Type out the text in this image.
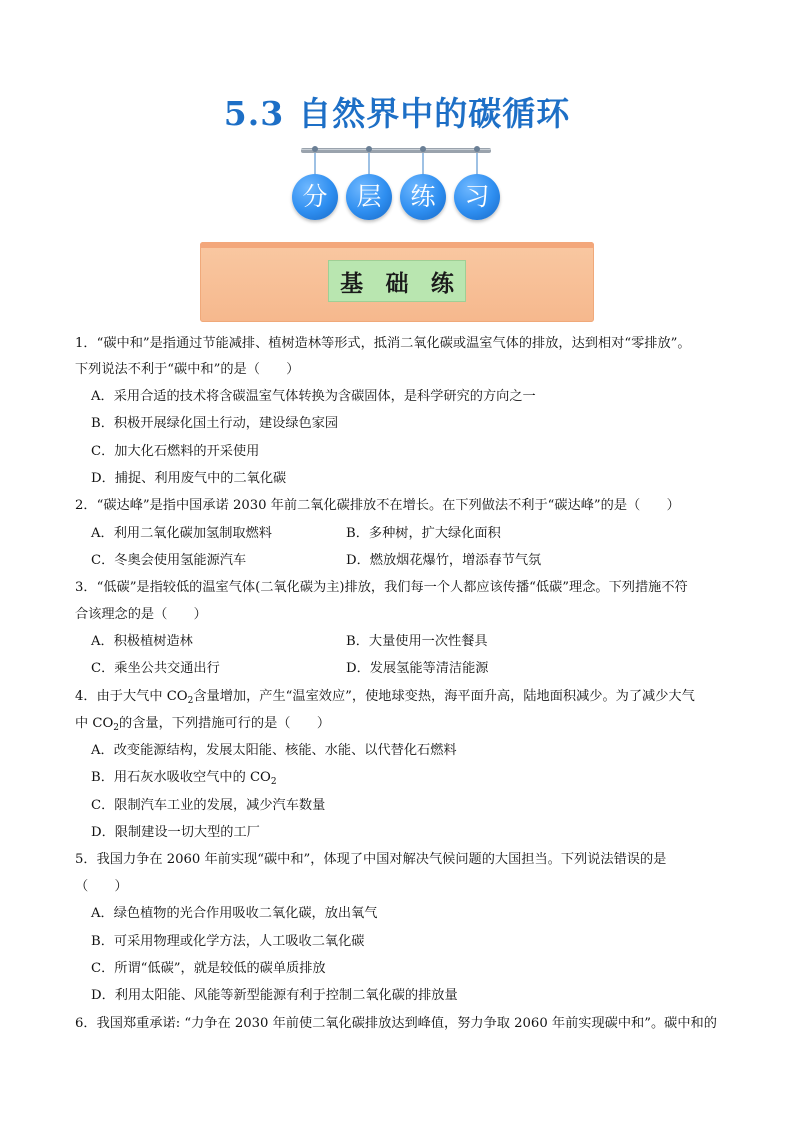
5.3 自然界中的碳循环
分	层	练	习
基 础 练
1．“碳中和”是指通过节能减排、植树造林等形式，抵消二氧化碳或温室气体的排放，达到相对“零排放”。
下列说法不利于“碳中和”的是（　　）
A．采用合适的技术将含碳温室气体转换为含碳固体，是科学研究的方向之一
B．积极开展绿化国土行动，建设绿色家园
C．加大化石燃料的开采使用
D．捕捉、利用废气中的二氧化碳
2．“碳达峰”是指中国承诺 2030 年前二氧化碳排放不在增长。在下列做法不利于“碳达峰”的是（　　）
A．利用二氧化碳加氢制取燃料	B．多种树，扩大绿化面积
C．冬奥会使用氢能源汽车	D．燃放烟花爆竹，增添春节气氛
3．“低碳”是指较低的温室气体(二氧化碳为主)排放，我们每一个人都应该传播“低碳”理念。下列措施不符
合该理念的是（　　）
A．积极植树造林	B．大量使用一次性餐具
C．乘坐公共交通出行	D．发展氢能等清洁能源
4．由于大气中 $CO_2$含量增加，产生“温室效应”，使地球变热，海平面升高，陆地面积减少。为了减少大气
中 $CO_2$的含量，下列措施可行的是（　　）
A．改变能源结构，发展太阳能、核能、水能、以代替化石燃料
B．用石灰水吸收空气中的 $CO_2$
C．限制汽车工业的发展，减少汽车数量
D．限制建设一切大型的工厂
5．我国力争在 2060 年前实现“碳中和”，体现了中国对解决气候问题的大国担当。下列说法错误的是
（　　）
A．绿色植物的光合作用吸收二氧化碳，放出氧气
B．可采用物理或化学方法，人工吸收二氧化碳
C．所谓“低碳”，就是较低的碳单质排放
D．利用太阳能、风能等新型能源有利于控制二氧化碳的排放量
6．我国郑重承诺: “力争在 2030 年前使二氧化碳排放达到峰值，努力争取 2060 年前实现碳中和”。碳中和的
